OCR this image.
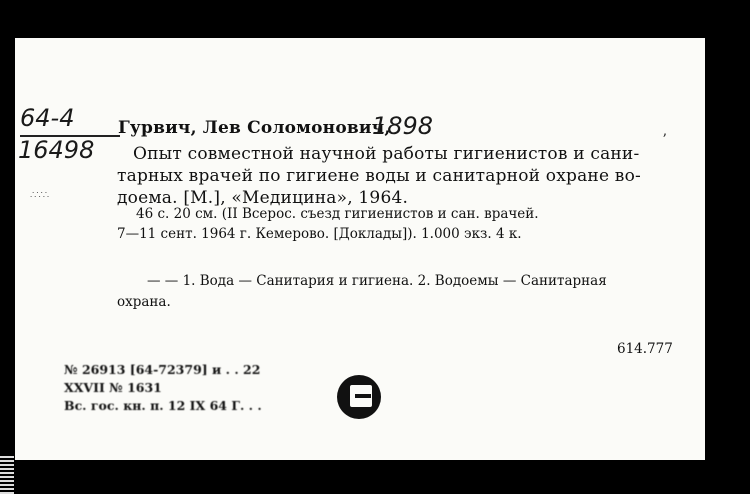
64-4
16498
Гурвич, Лев Соломонович,
1898
Опыт совместной научной работы гигиенистов и сани-
ʼ
тарных врачей по гигиене воды и санитарной охране во-
доема. [М.], «Медицина», 1964.
∴∵∴
46 с. 20 см. (II Всерос. съезд гигиенистов и сан. врачей.
7—11 сент. 1964 г. Кемерово. [Доклады]). 1.000 экз. 4 к.
— — 1. Вода — Санитария и гигиена. 2. Водоемы — Санитарная
охрана.
614.777
№ 26913 [64-72379] и . . 22
XXVII № 1631
Вс. гос. кн. п. 12 IX 64 Г. . .
